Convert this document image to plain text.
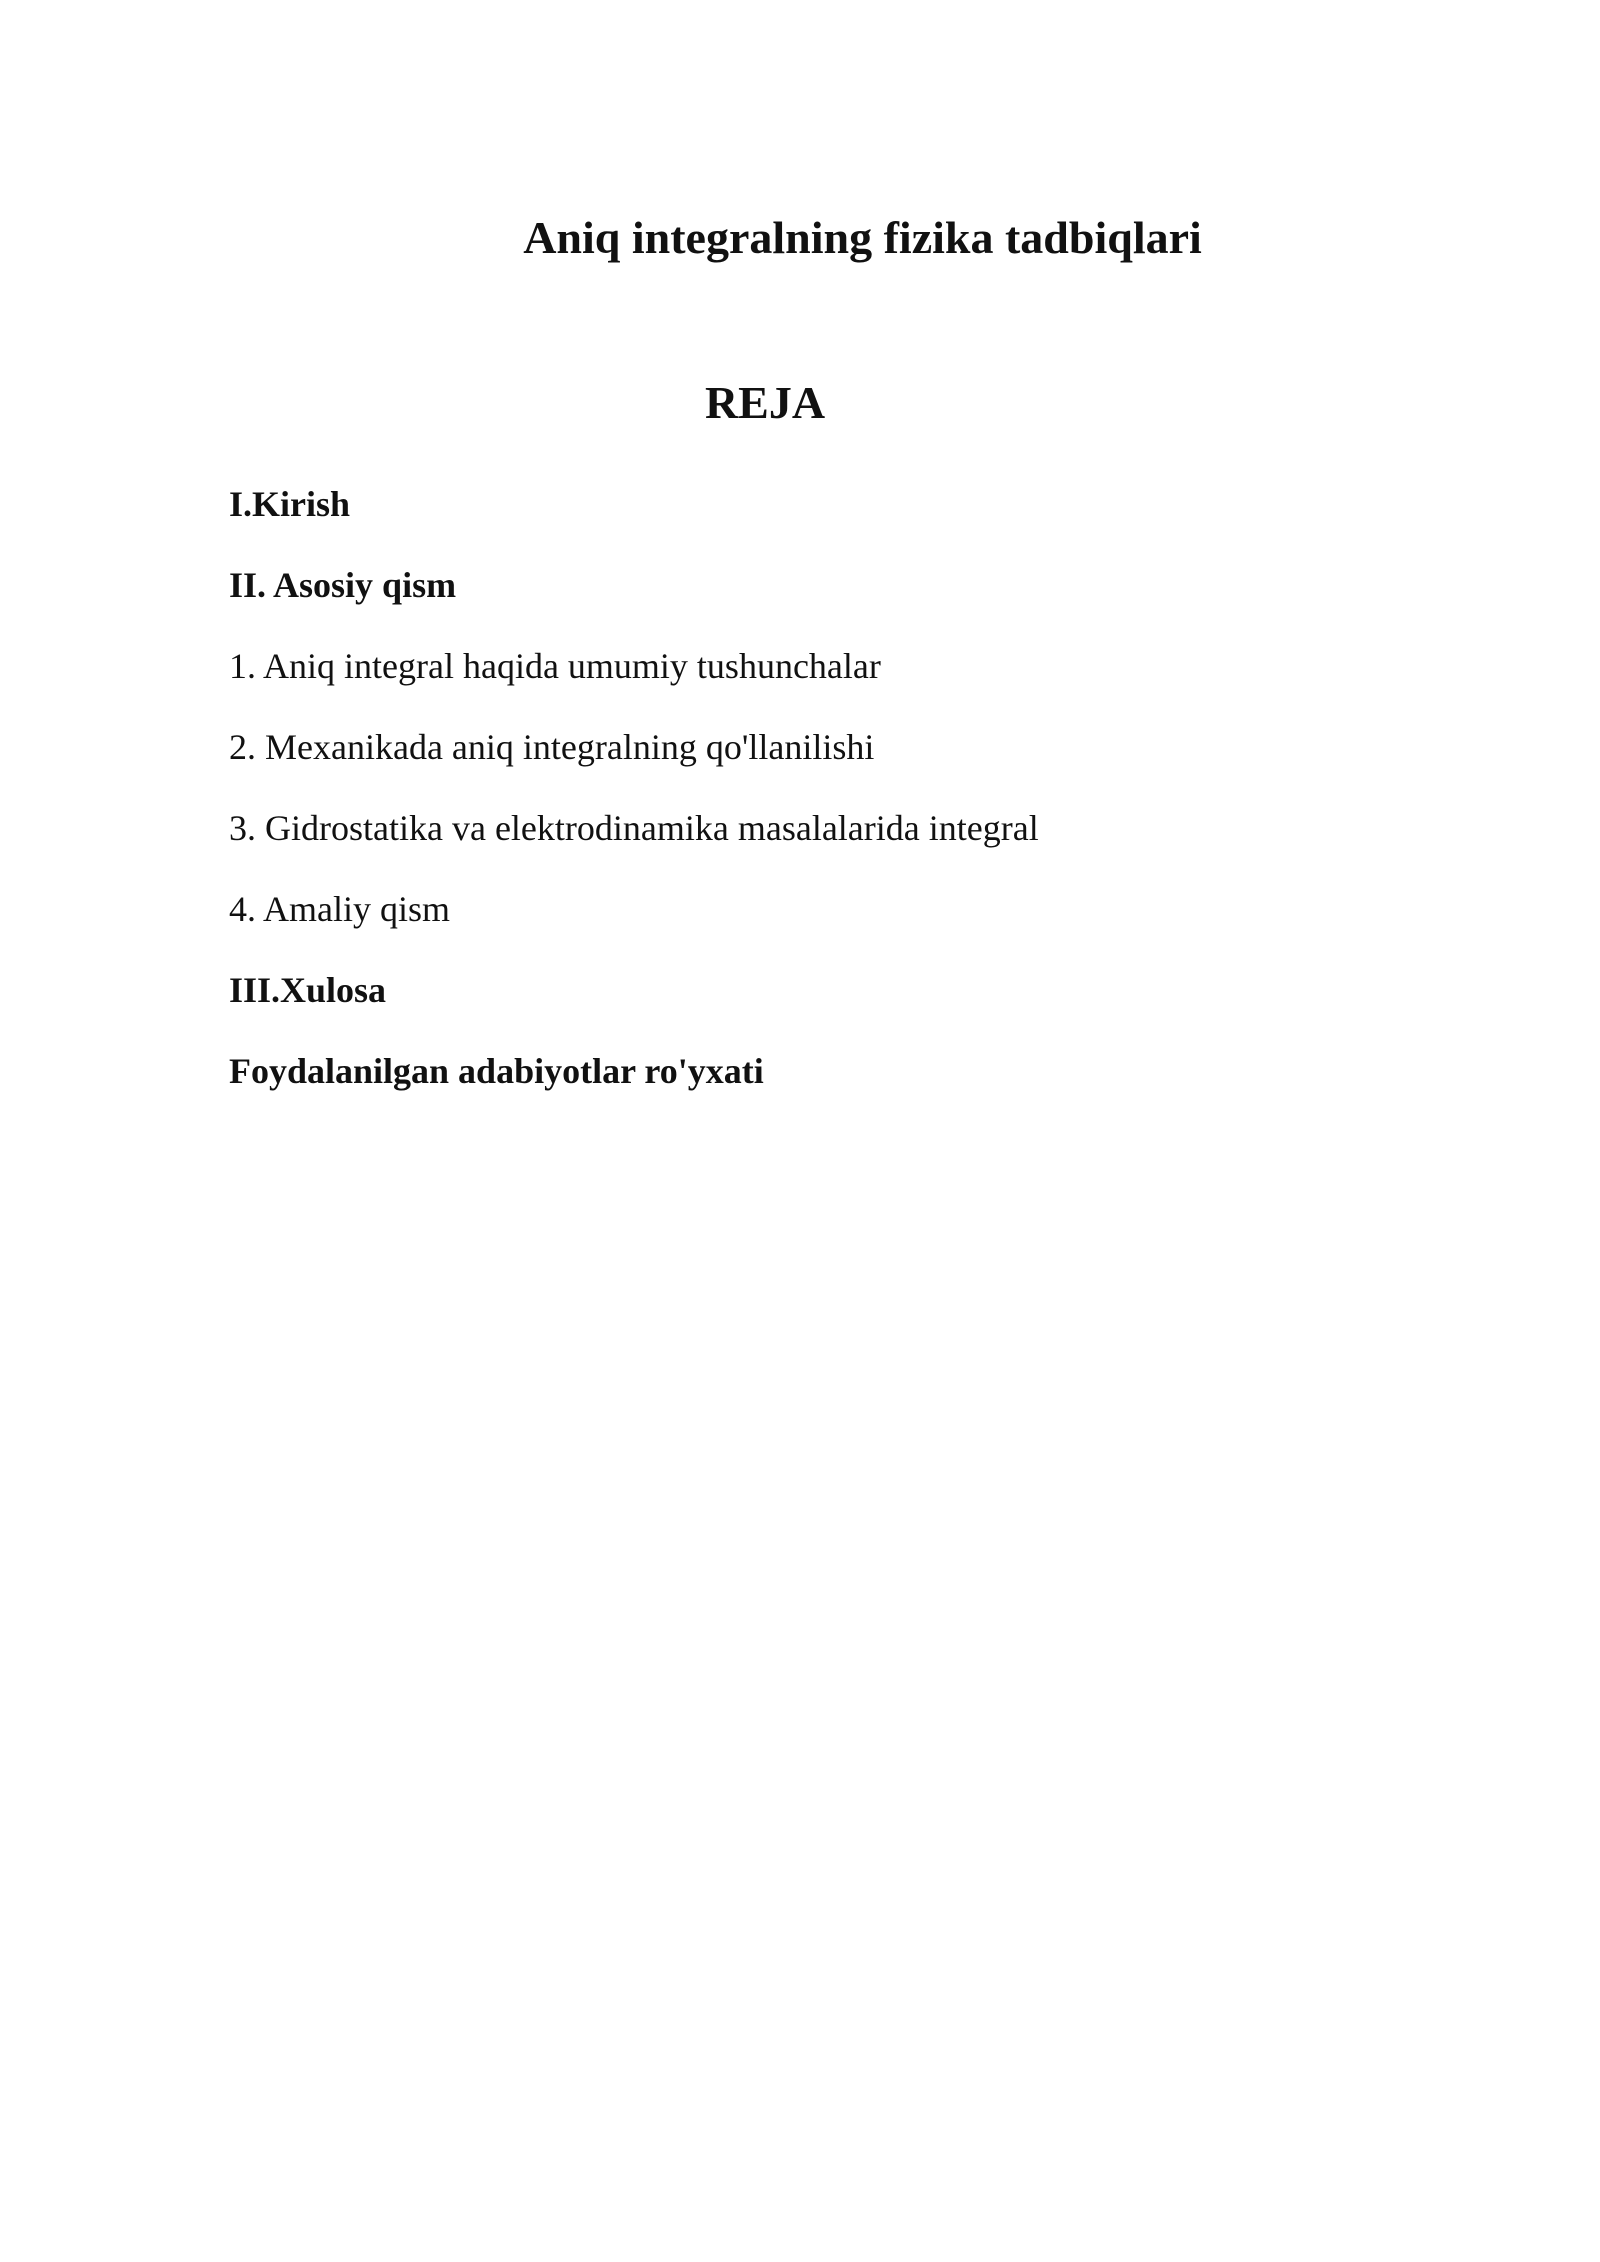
Aniq integralning fizika tadbiqlari
REJA
I.Kirish
II. Asosiy qism
1. Aniq integral haqida umumiy tushunchalar
2. Mexanikada aniq integralning qo'llanilishi
3. Gidrostatika va elektrodinamika masalalarida integral
4. Amaliy qism
III.Xulosa
Foydalanilgan adabiyotlar ro'yxati
